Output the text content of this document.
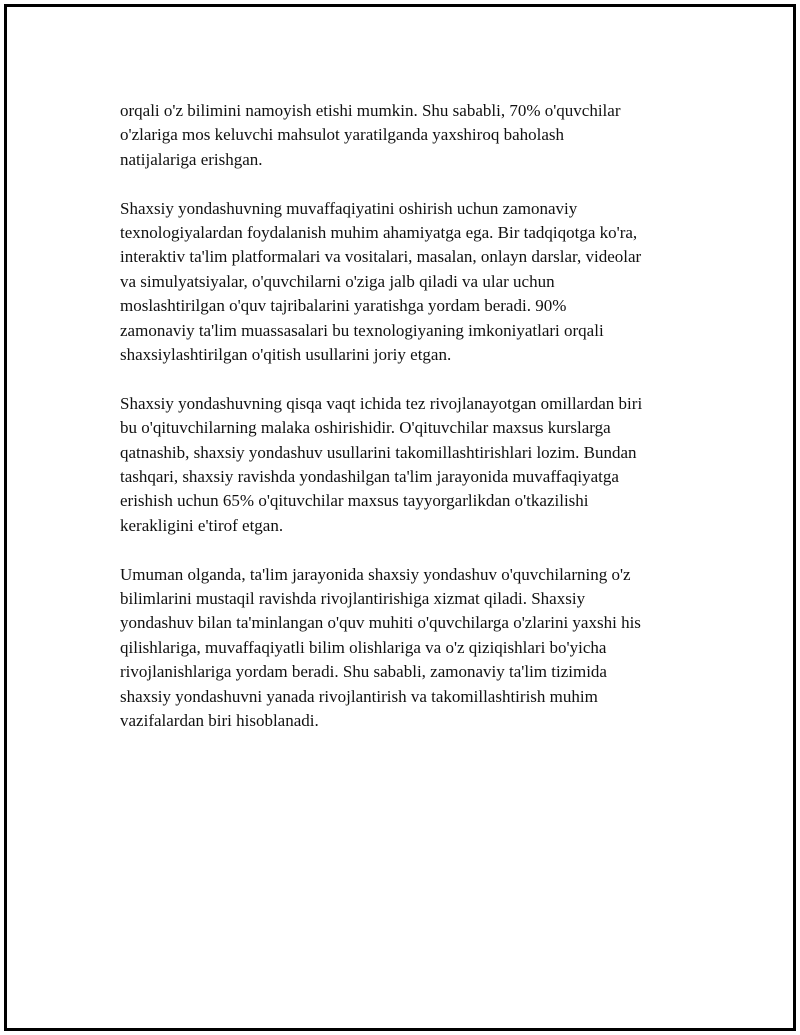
orqali o'z bilimini namoyish etishi mumkin. Shu sababli, 70% o'quvchilar
o'zlariga mos keluvchi mahsulot yaratilganda yaxshiroq baholash
natijalariga erishgan.

Shaxsiy yondashuvning muvaffaqiyatini oshirish uchun zamonaviy
texnologiyalardan foydalanish muhim ahamiyatga ega. Bir tadqiqotga ko'ra,
interaktiv ta'lim platformalari va vositalari, masalan, onlayn darslar, videolar
va simulyatsiyalar, o'quvchilarni o'ziga jalb qiladi va ular uchun
moslashtirilgan o'quv tajribalarini yaratishga yordam beradi. 90%
zamonaviy ta'lim muassasalari bu texnologiyaning imkoniyatlari orqali
shaxsiylashtirilgan o'qitish usullarini joriy etgan.

Shaxsiy yondashuvning qisqa vaqt ichida tez rivojlanayotgan omillardan biri
bu o'qituvchilarning malaka oshirishidir. O'qituvchilar maxsus kurslarga
qatnashib, shaxsiy yondashuv usullarini takomillashtirishlari lozim. Bundan
tashqari, shaxsiy ravishda yondashilgan ta'lim jarayonida muvaffaqiyatga
erishish uchun 65% o'qituvchilar maxsus tayyorgarlikdan o'tkazilishi
kerakligini e'tirof etgan.

Umuman olganda, ta'lim jarayonida shaxsiy yondashuv o'quvchilarning o'z
bilimlarini mustaqil ravishda rivojlantirishiga xizmat qiladi. Shaxsiy
yondashuv bilan ta'minlangan o'quv muhiti o'quvchilarga o'zlarini yaxshi his
qilishlariga, muvaffaqiyatli bilim olishlariga va o'z qiziqishlari bo'yicha
rivojlanishlariga yordam beradi. Shu sababli, zamonaviy ta'lim tizimida
shaxsiy yondashuvni yanada rivojlantirish va takomillashtirish muhim
vazifalardan biri hisoblanadi.
